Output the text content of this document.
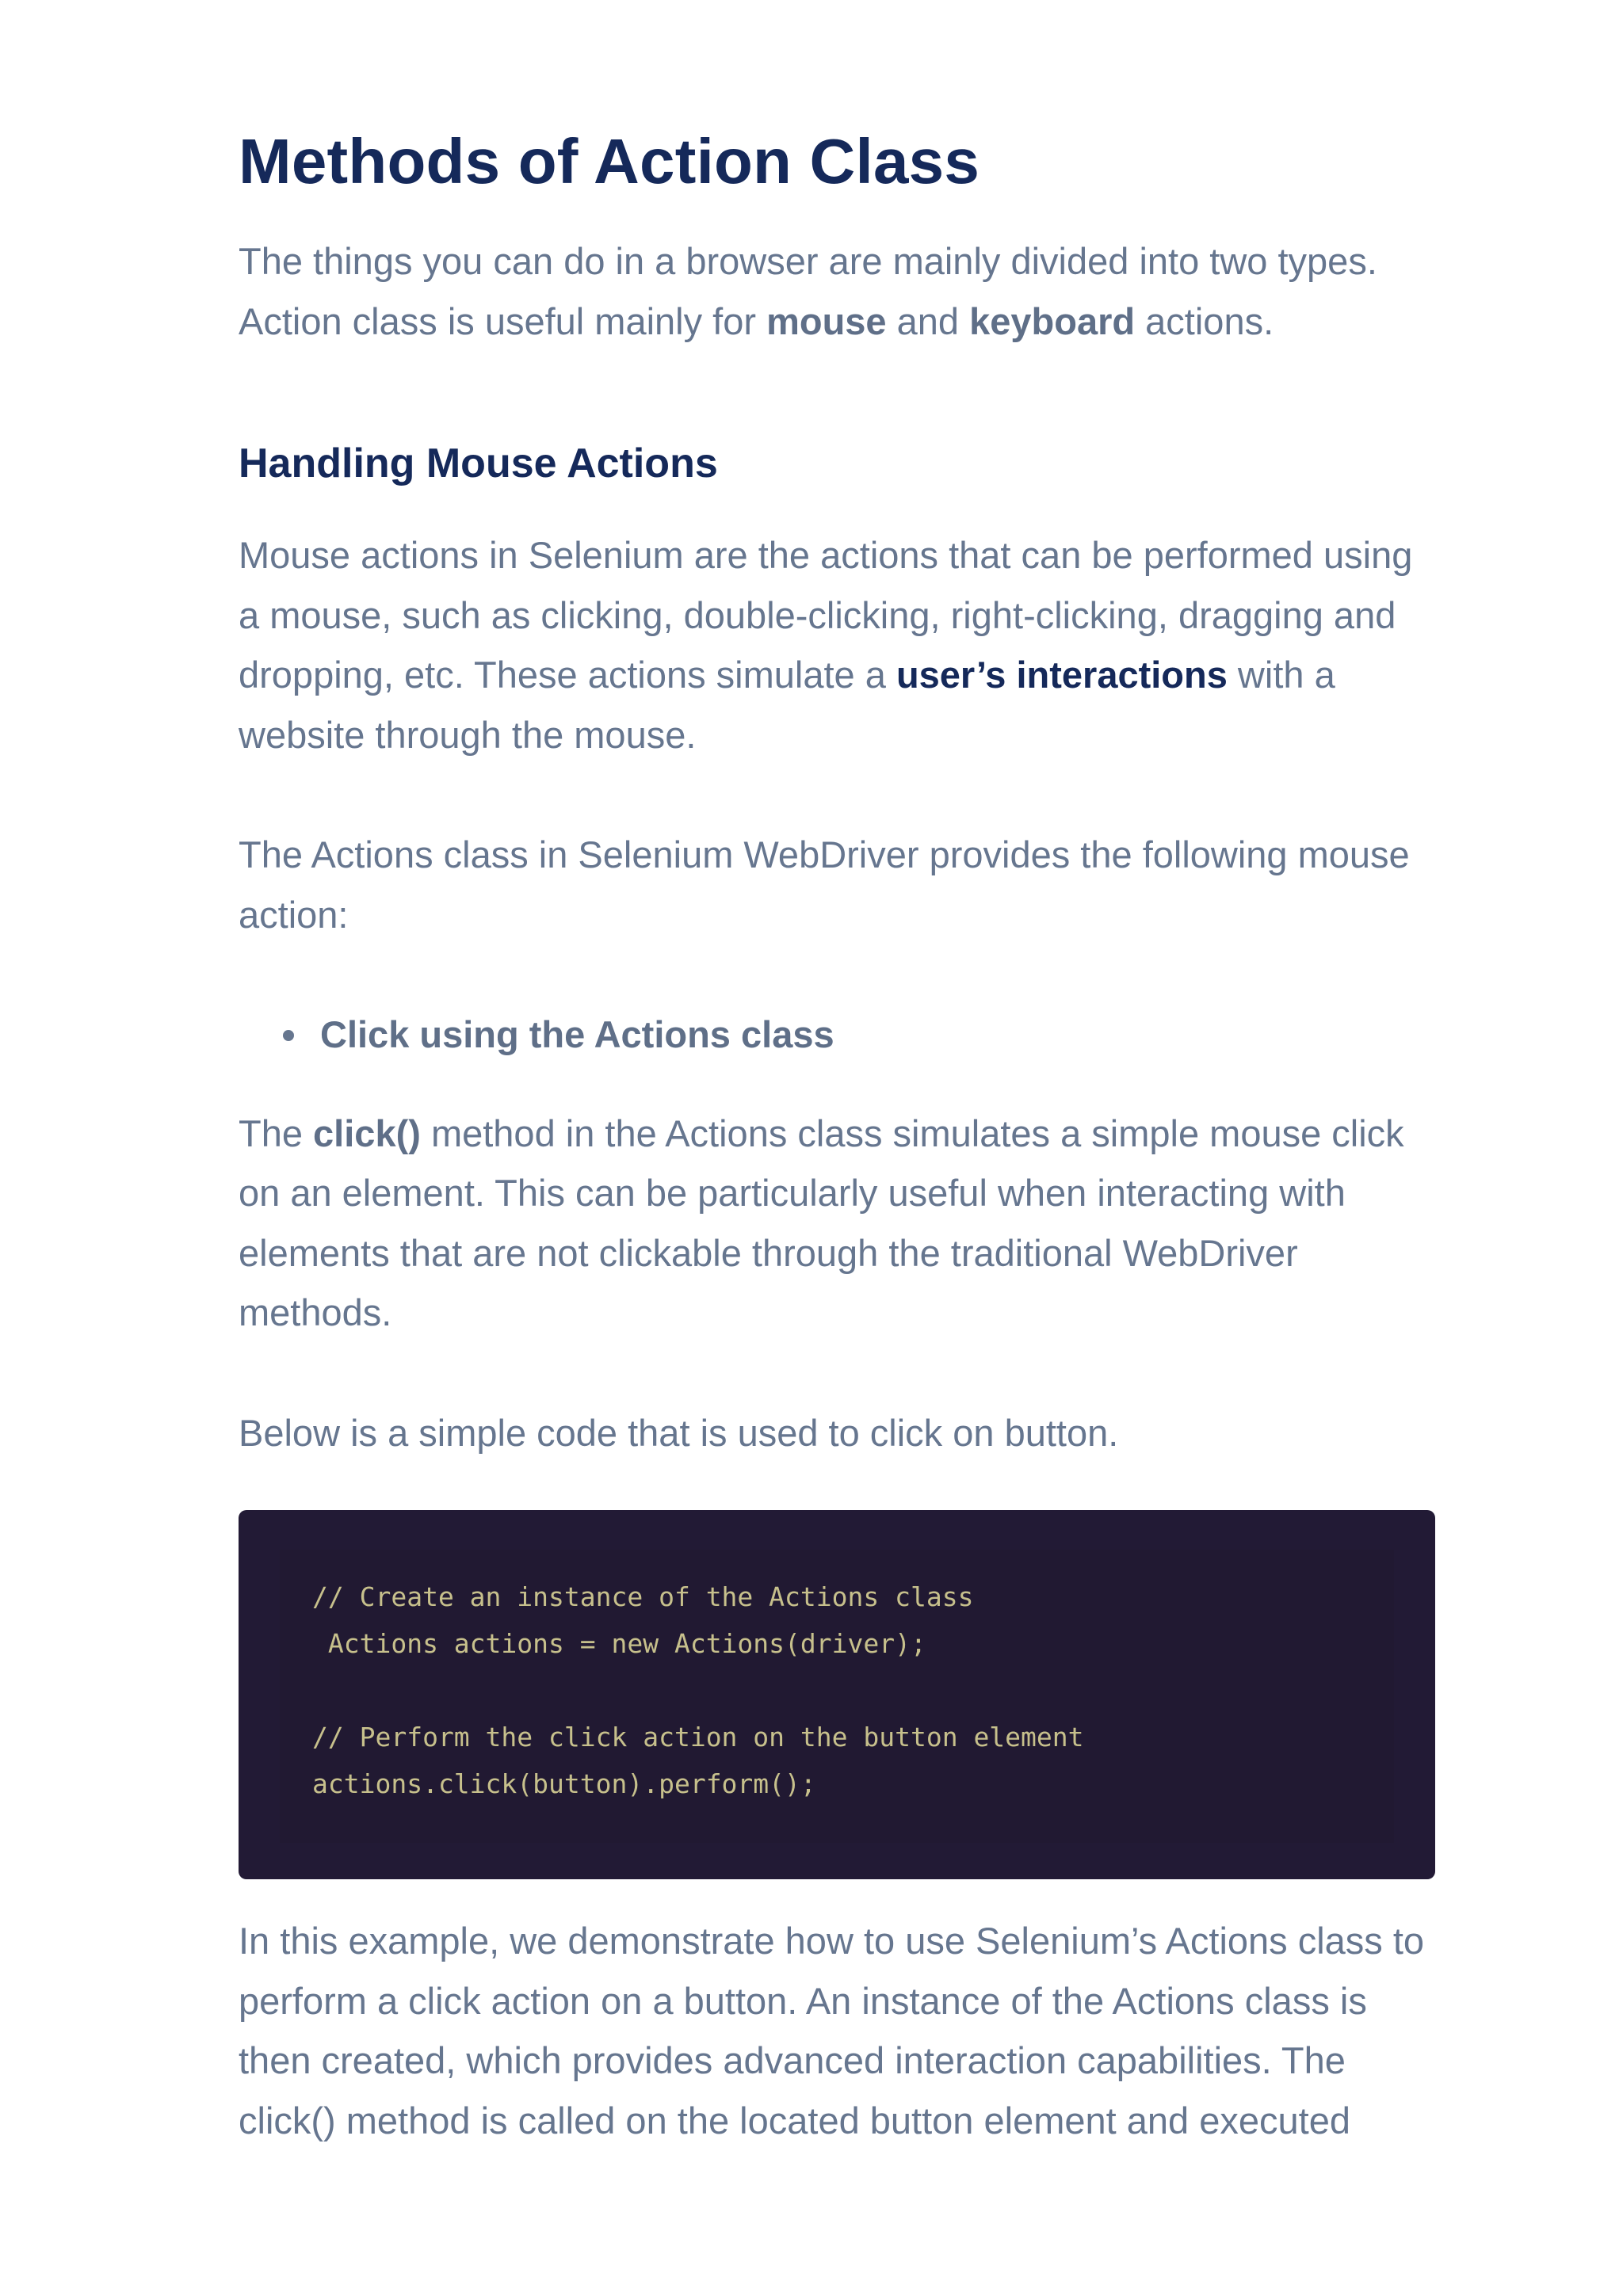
Methods of Action Class

The things you can do in a browser are mainly divided into two types.
Action class is useful mainly for mouse and keyboard actions.

Handling Mouse Actions

Mouse actions in Selenium are the actions that can be performed using a mouse, such as clicking, double-clicking, right-clicking, dragging and dropping, etc. These actions simulate a user’s interactions with a website through the mouse.

The Actions class in Selenium WebDriver provides the following mouse action:

Click using the Actions class

The click() method in the Actions class simulates a simple mouse click on an element. This can be particularly useful when interacting with elements that are not clickable through the traditional WebDriver methods.

Below is a simple code that is used to click on button.

// Create an instance of the Actions class
Actions actions = new Actions(driver);
// Perform the click action on the button element
actions.click(button).perform();

In this example, we demonstrate how to use Selenium’s Actions class to perform a click action on a button. An instance of the Actions class is then created, which provides advanced interaction capabilities. The click() method is called on the located button element and executed
